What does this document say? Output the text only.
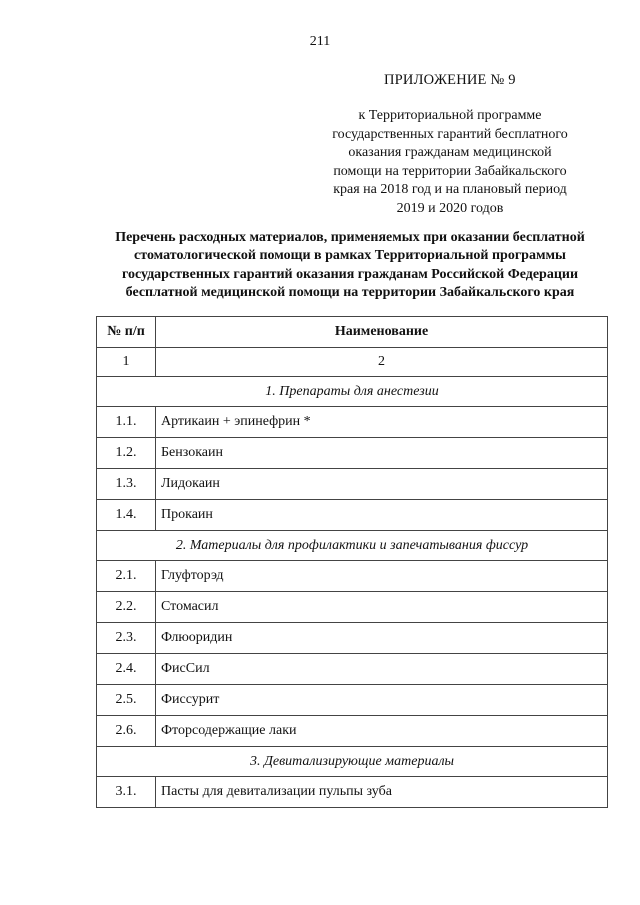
211
ПРИЛОЖЕНИЕ № 9
к Территориальной программе
государственных гарантий бесплатного
оказания гражданам медицинской
помощи на территории Забайкальского
края на 2018 год и на плановый период
2019 и 2020 годов
Перечень расходных материалов, применяемых при оказании бесплатной
стоматологической помощи в рамках Территориальной программы
государственных гарантий оказания гражданам Российской Федерации
бесплатной медицинской помощи на территории Забайкальского края
№ п/п	Наименование
1	2
1. Препараты для анестезии	
1.1.	Артикаин + эпинефрин *
1.2.	Бензокаин
1.3.	Лидокаин
1.4.	Прокаин
2. Материалы для профилактики и запечатывания фиссур	
2.1.	Глуфторэд
2.2.	Стомасил
2.3.	Флюоридин
2.4.	ФисСил
2.5.	Фиссурит
2.6.	Фторсодержащие лаки
3. Девитализирующие материалы	
3.1.	Пасты для девитализации пульпы зуба
